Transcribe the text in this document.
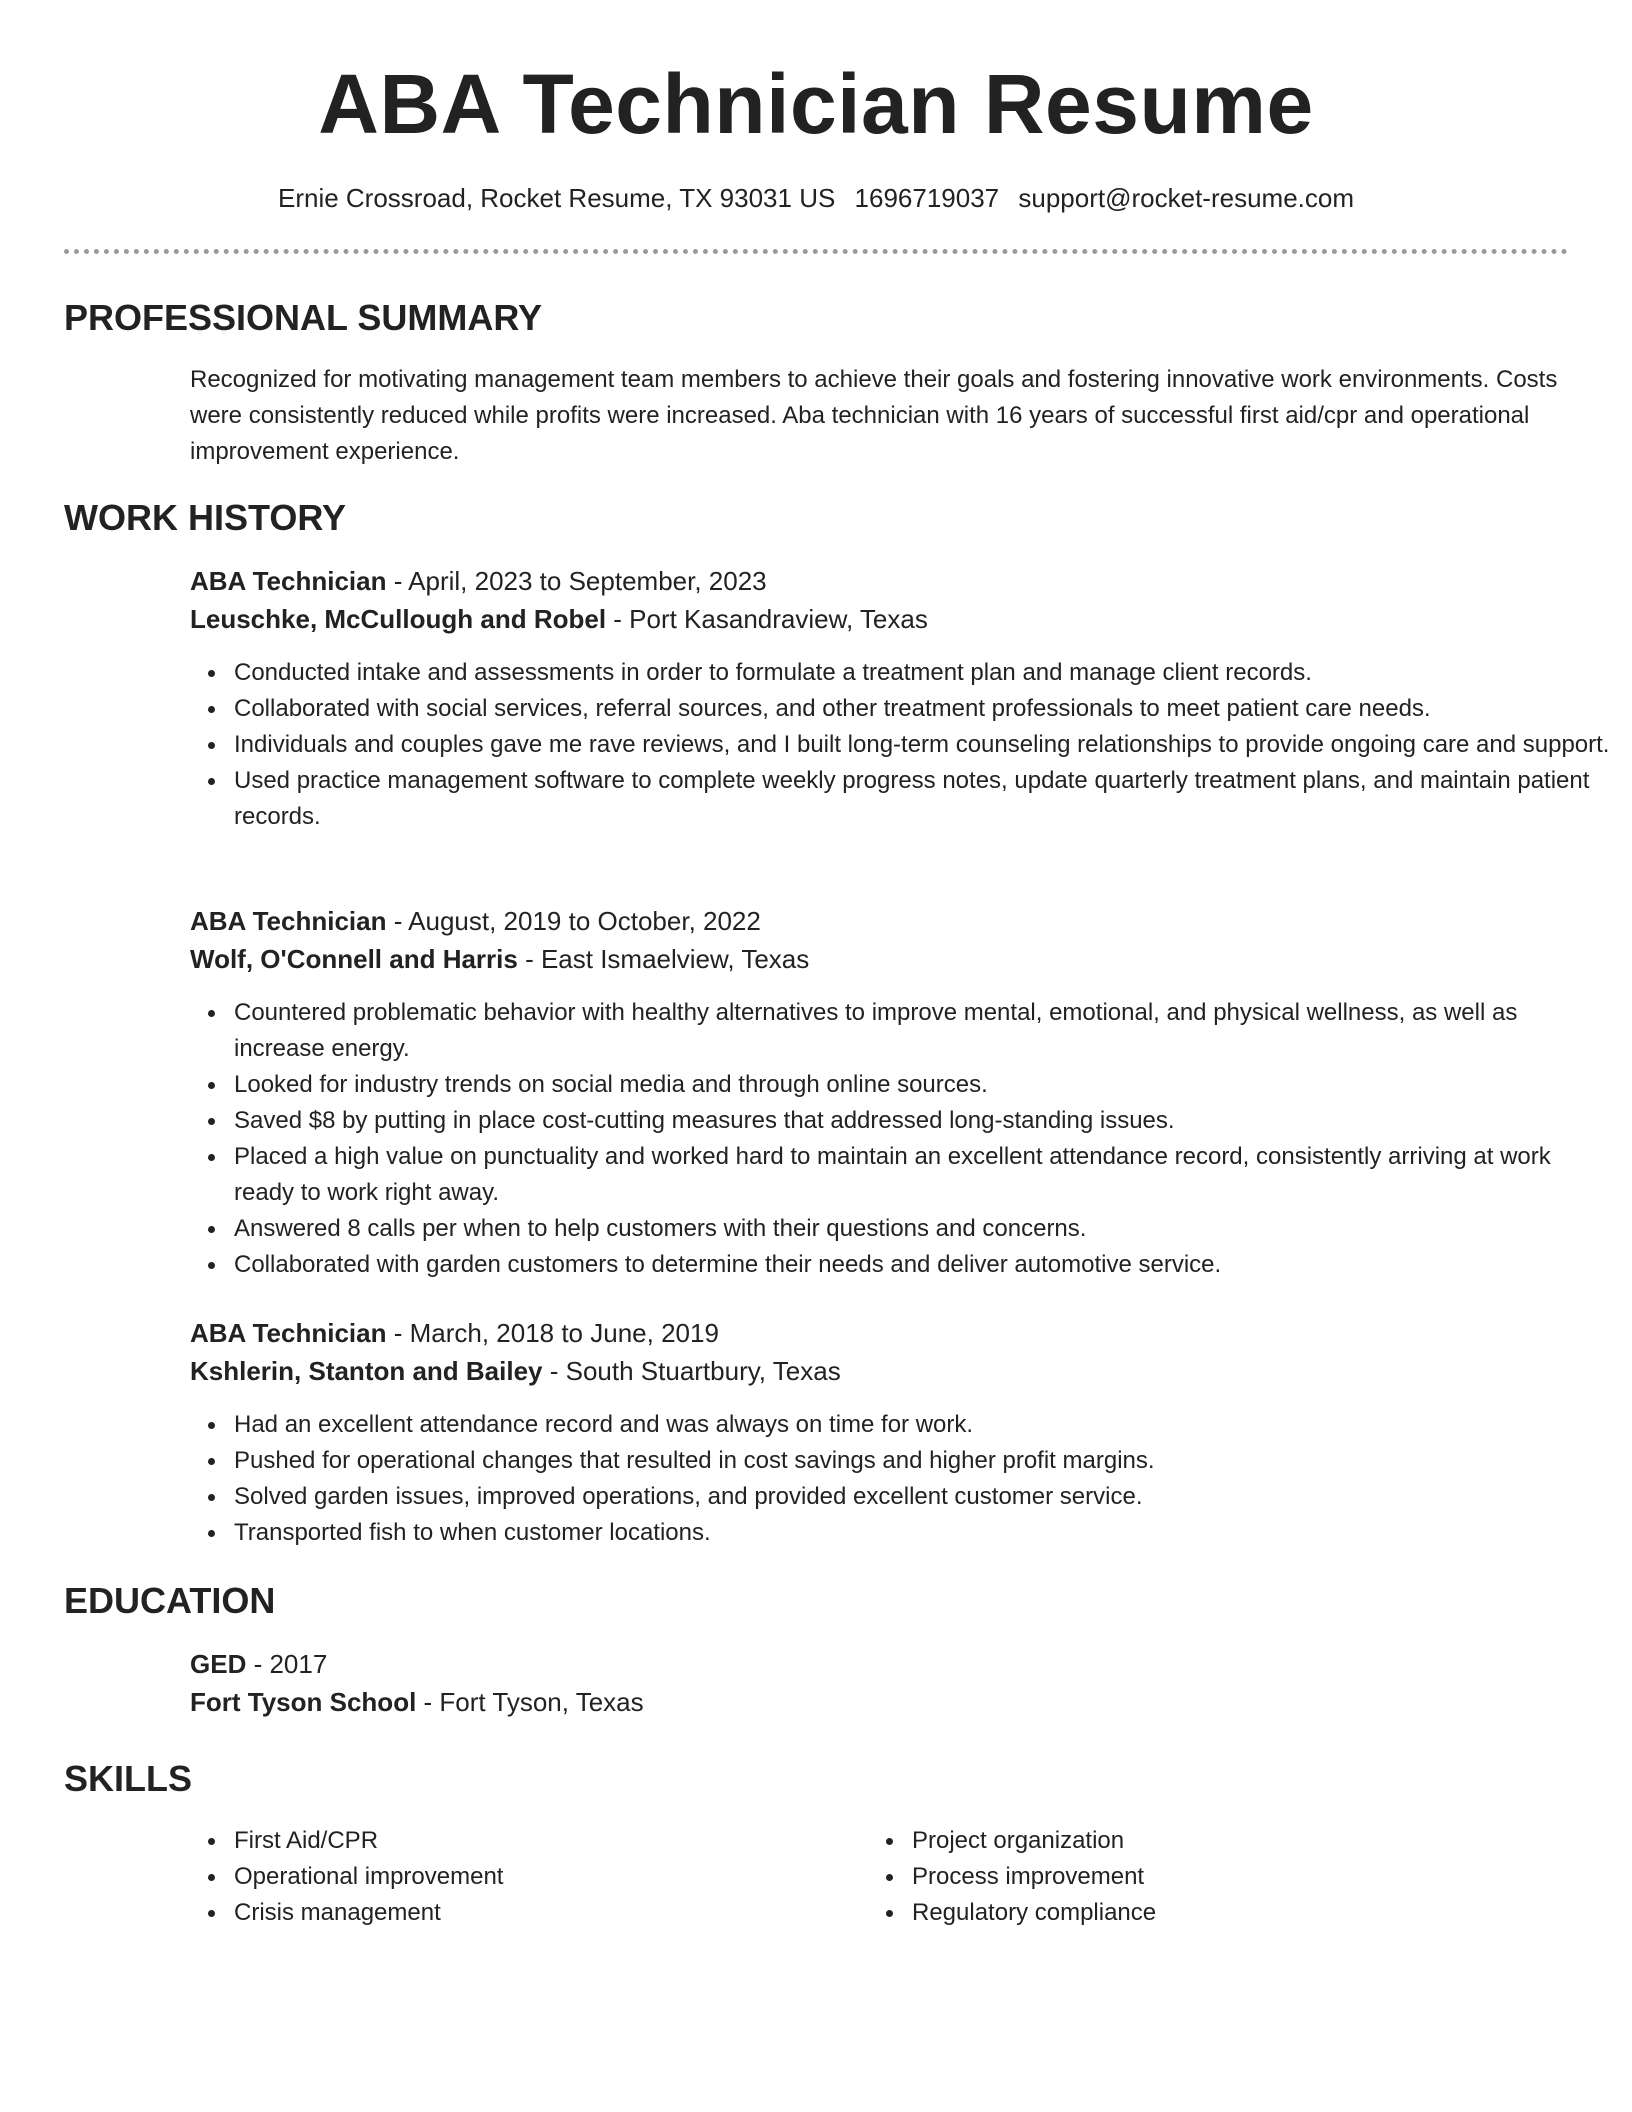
ABA Technician Resume
Ernie Crossroad, Rocket Resume, TX 93031 US 1696719037 support@rocket-resume.com
PROFESSIONAL SUMMARY
Recognized for motivating management team members to achieve their goals and fostering innovative work environments. Costs were consistently reduced while profits were increased. Aba technician with 16 years of successful first aid/cpr and operational improvement experience.
WORK HISTORY
ABA Technician - April, 2023 to September, 2023
Leuschke, McCullough and Robel - Port Kasandraview, Texas
Conducted intake and assessments in order to formulate a treatment plan and manage client records.
Collaborated with social services, referral sources, and other treatment professionals to meet patient care needs.
Individuals and couples gave me rave reviews, and I built long-term counseling relationships to provide ongoing care and support.
Used practice management software to complete weekly progress notes, update quarterly treatment plans, and maintain patient records.
ABA Technician - August, 2019 to October, 2022
Wolf, O'Connell and Harris - East Ismaelview, Texas
Countered problematic behavior with healthy alternatives to improve mental, emotional, and physical wellness, as well as increase energy.
Looked for industry trends on social media and through online sources.
Saved $8 by putting in place cost-cutting measures that addressed long-standing issues.
Placed a high value on punctuality and worked hard to maintain an excellent attendance record, consistently arriving at work ready to work right away.
Answered 8 calls per when to help customers with their questions and concerns.
Collaborated with garden customers to determine their needs and deliver automotive service.
ABA Technician - March, 2018 to June, 2019
Kshlerin, Stanton and Bailey - South Stuartbury, Texas
Had an excellent attendance record and was always on time for work.
Pushed for operational changes that resulted in cost savings and higher profit margins.
Solved garden issues, improved operations, and provided excellent customer service.
Transported fish to when customer locations.
EDUCATION
GED - 2017
Fort Tyson School - Fort Tyson, Texas
SKILLS
First Aid/CPR
Operational improvement
Crisis management
Project organization
Process improvement
Regulatory compliance
